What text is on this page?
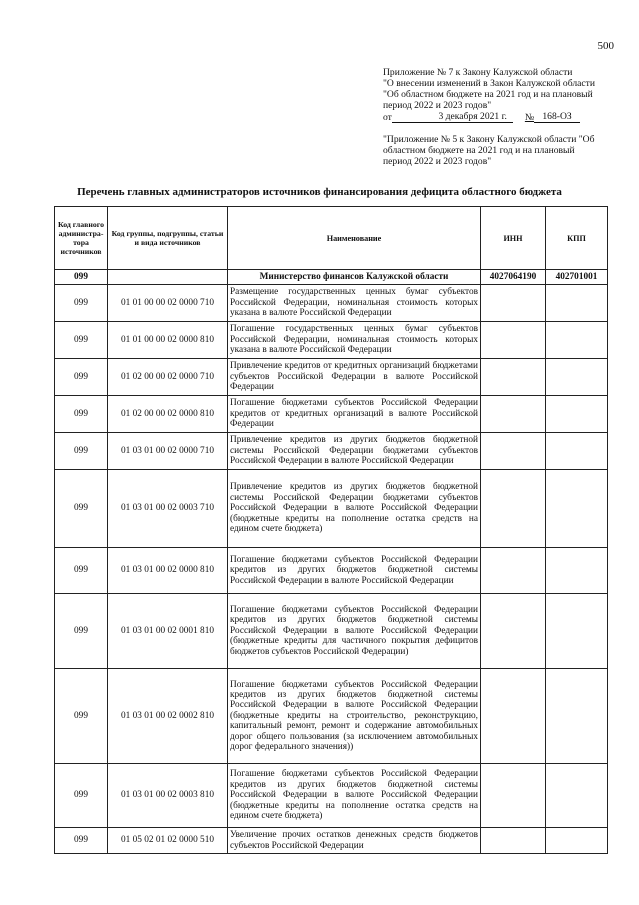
500

Приложение № 7 к Закону Калужской области

"О внесении изменений в Закон Калужской области

"Об областном бюджете на 2021 год и на плановый

период 2022 и 2023 годов"

от	3 декабря 2021 г.	№ 168-ОЗ

"Приложение № 5 к Закону Калужской области "Об

областном бюджете на 2021 год и на плановый

период 2022 и 2023 годов"

Перечень главных администраторов источников финансирования дефицита областного бюджета
Код главного администра-тора источников	Код группы, подгруппы, статьи и вида источников	Наименование	ИНН	КПП
099		Министерство финансов Калужской области	4027064190	402701001
099	01 01 00 00 02 0000 710	Размещение государственных ценных бумаг субъектов Российской Федерации, номинальная стоимость которых указана в валюте Российской Федерации		
099	01 01 00 00 02 0000 810	Погашение государственных ценных бумаг субъектов Российской Федерации, номинальная стоимость которых указана в валюте Российской Федерации		
099	01 02 00 00 02 0000 710	Привлечение кредитов от кредитных организаций бюджетами субъектов Российской Федерации в валюте Российской Федерации		
099	01 02 00 00 02 0000 810	Погашение бюджетами субъектов Российской Федерации кредитов от кредитных организаций в валюте Российской Федерации		
099	01 03 01 00 02 0000 710	Привлечение кредитов из других бюджетов бюджетной системы Российской Федерации бюджетами субъектов Российской Федерации в валюте Российской Федерации		
099	01 03 01 00 02 0003 710	Привлечение кредитов из других бюджетов бюджетной системы Российской Федерации бюджетами субъектов Российской Федерации в валюте Российской Федерации (бюджетные кредиты на пополнение остатка средств на едином счете бюджета)		
099	01 03 01 00 02 0000 810	Погашение бюджетами субъектов Российской Федерации кредитов из других бюджетов бюджетной системы Российской Федерации в валюте Российской Федерации		
099	01 03 01 00 02 0001 810	Погашение бюджетами субъектов Российской Федерации кредитов из других бюджетов бюджетной системы Российской Федерации в валюте Российской Федерации (бюджетные кредиты для частичного покрытия дефицитов бюджетов субъектов Российской Федерации)		
099	01 03 01 00 02 0002 810	Погашение бюджетами субъектов Российской Федерации кредитов из других бюджетов бюджетной системы Российской Федерации в валюте Российской Федерации (бюджетные кредиты на строительство, реконструкцию, капитальный ремонт, ремонт и содержание автомобильных дорог общего пользования (за исключением автомобильных дорог федерального значения))		
099	01 03 01 00 02 0003 810	Погашение бюджетами субъектов Российской Федерации кредитов из других бюджетов бюджетной системы Российской Федерации в валюте Российской Федерации (бюджетные кредиты на пополнение остатка средств на едином счете бюджета)		
099	01 05 02 01 02 0000 510	Увеличение прочих остатков денежных средств бюджетов субъектов Российской Федерации		
